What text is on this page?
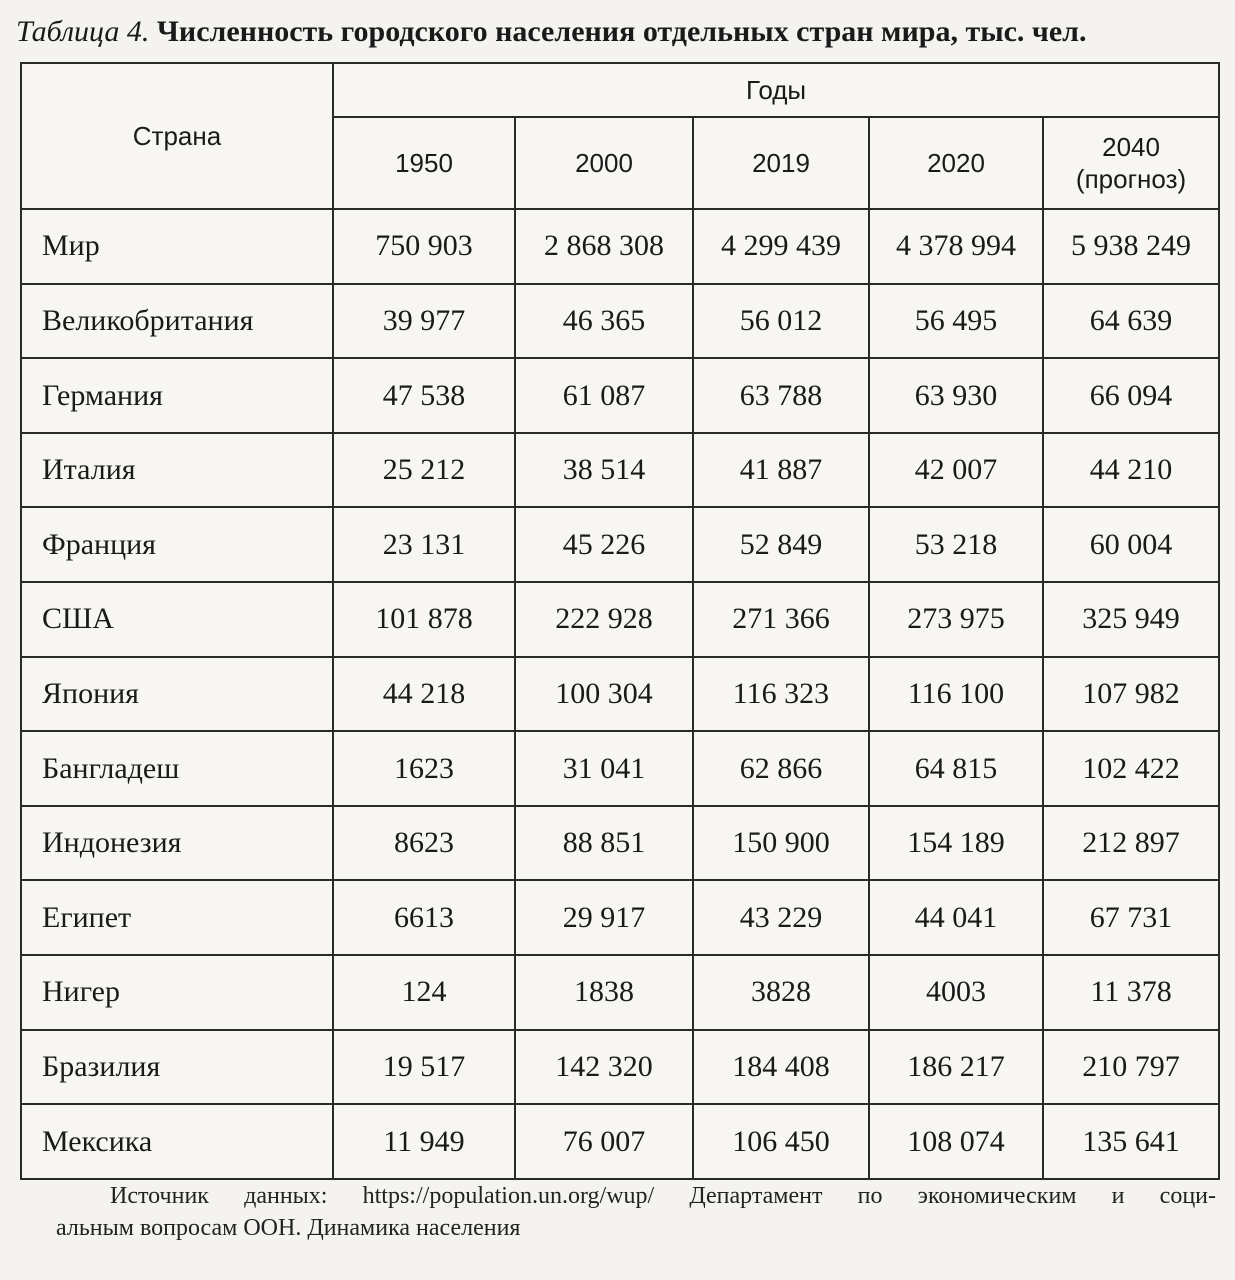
Таблица 4. Численность городского населения отдельных стран мира, тыс. чел.
Страна	Годы				
	1950	2000	2019	2020	2040
(прогноз)
Мир	750 903	2 868 308	4 299 439	4 378 994	5 938 249
Великобритания	39 977	46 365	56 012	56 495	64 639
Германия	47 538	61 087	63 788	63 930	66 094
Италия	25 212	38 514	41 887	42 007	44 210
Франция	23 131	45 226	52 849	53 218	60 004
США	101 878	222 928	271 366	273 975	325 949
Япония	44 218	100 304	116 323	116 100	107 982
Бангладеш	1623	31 041	62 866	64 815	102 422
Индонезия	8623	88 851	150 900	154 189	212 897
Египет	6613	29 917	43 229	44 041	67 731
Нигер	124	1838	3828	4003	11 378
Бразилия	19 517	142 320	184 408	186 217	210 797
Мексика	11 949	76 007	106 450	108 074	135 641
Источник данных: https://population.un.org/wup/ Департамент по экономическим и соци-
альным вопросам ООН. Динамика населения
